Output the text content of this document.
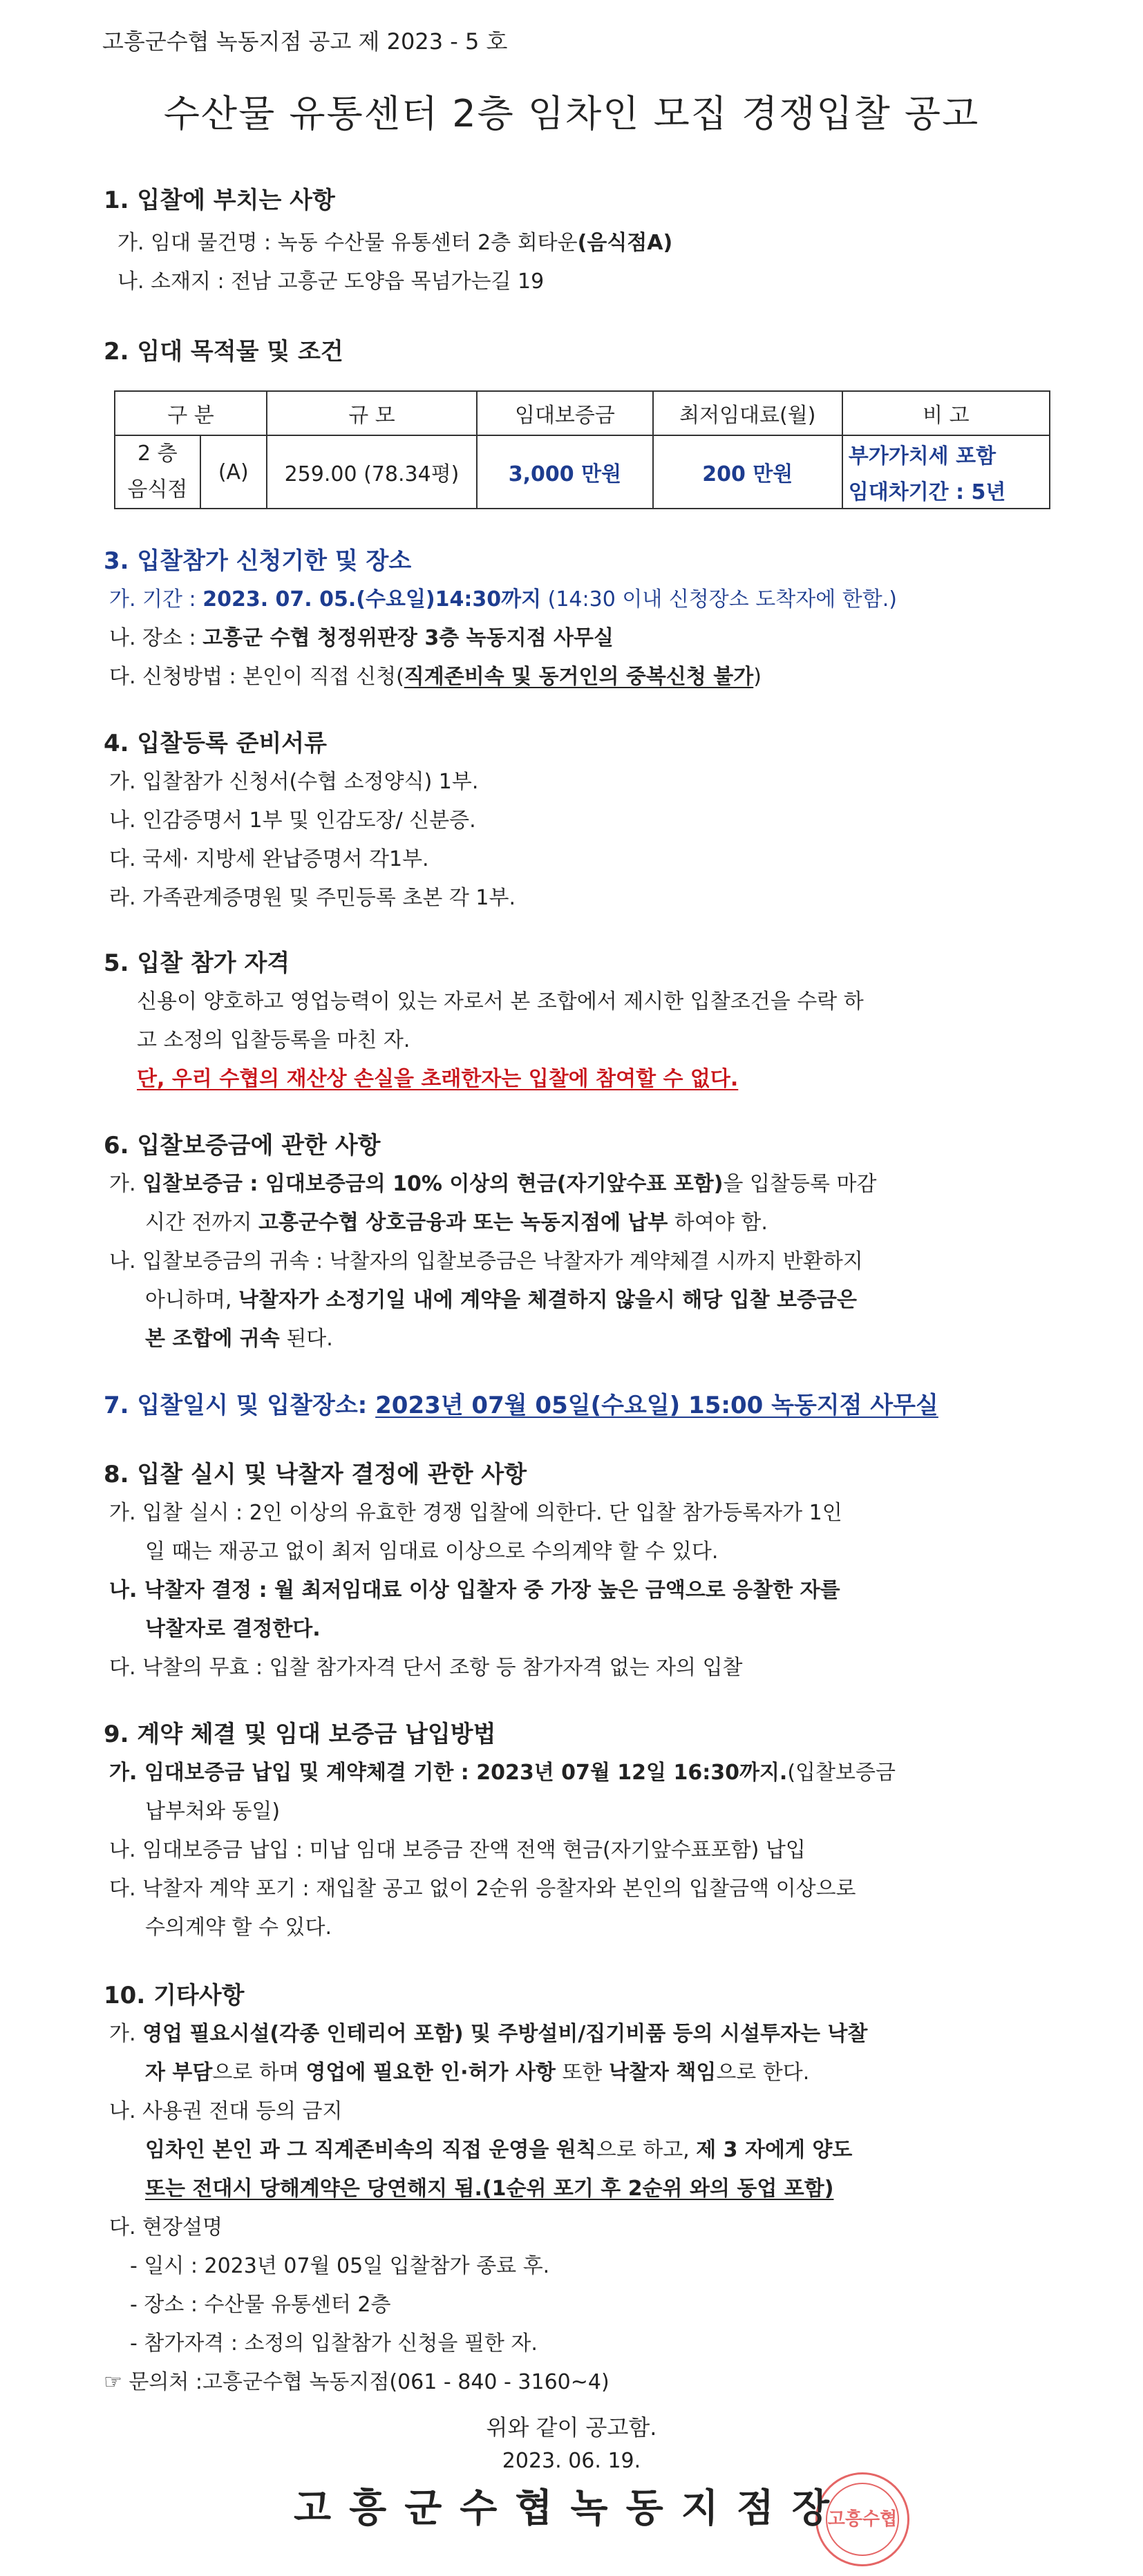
고흥군수협 녹동지점 공고 제 2023 - 5 호
수산물 유통센터 2층 임차인 모집 경쟁입찰 공고
1. 입찰에 부치는 사항
가. 임대 물건명 : 녹동 수산물 유통센터 2층 회타운(음식점A)
나. 소재지 : 전남 고흥군 도양읍 목넘가는길 19
2. 임대 목적물 및 조건
구 분		규 모	임대보증금	최저임대료(월)	비 고

2 층
음식점	(A)	259.00 (78.34평)	3,000 만원	200 만원	부가가치세 포함
					임대차기간 : 5년
3. 입찰참가 신청기한 및 장소
가. 기간 : 2023. 07. 05.(수요일)14:30까지 (14:30 이내 신청장소 도착자에 한함.)
나. 장소 : 고흥군 수협 청정위판장 3층 녹동지점 사무실
다. 신청방법 : 본인이 직접 신청(직계존비속 및 동거인의 중복신청 불가)
4. 입찰등록 준비서류
가. 입찰참가 신청서(수협 소정양식) 1부.
나. 인감증명서 1부 및 인감도장/ 신분증.
다. 국세· 지방세 완납증명서 각1부.
라. 가족관계증명원 및 주민등록 초본 각 1부.
5. 입찰 참가 자격
신용이 양호하고 영업능력이 있는 자로서 본 조합에서 제시한 입찰조건을 수락 하
고 소정의 입찰등록을 마친 자.
단, 우리 수협의 재산상 손실을 초래한자는 입찰에 참여할 수 없다.
6. 입찰보증금에 관한 사항
가. 입찰보증금 : 임대보증금의 10% 이상의 현금(자기앞수표 포함)을 입찰등록 마감
시간 전까지 고흥군수협 상호금융과 또는 녹동지점에 납부 하여야 함.
나. 입찰보증금의 귀속 : 낙찰자의 입찰보증금은 낙찰자가 계약체결 시까지 반환하지
아니하며, 낙찰자가 소정기일 내에 계약을 체결하지 않을시 해당 입찰 보증금은
본 조합에 귀속 된다.
7. 입찰일시 및 입찰장소: 2023년 07월 05일(수요일) 15:00 녹동지점 사무실
8. 입찰 실시 및 낙찰자 결정에 관한 사항
가. 입찰 실시 : 2인 이상의 유효한 경쟁 입찰에 의한다. 단 입찰 참가등록자가 1인
일 때는 재공고 없이 최저 임대료 이상으로 수의계약 할 수 있다.
나. 낙찰자 결정 : 월 최저임대료 이상 입찰자 중 가장 높은 금액으로 응찰한 자를
낙찰자로 결정한다.
다. 낙찰의 무효 : 입찰 참가자격 단서 조항 등 참가자격 없는 자의 입찰
9. 계약 체결 및 임대 보증금 납입방법
가. 임대보증금 납입 및 계약체결 기한 : 2023년 07월 12일 16:30까지.(입찰보증금
납부처와 동일)
나. 임대보증금 납입 : 미납 임대 보증금 잔액 전액 현금(자기앞수표포함) 납입
다. 낙찰자 계약 포기 : 재입찰 공고 없이 2순위 응찰자와 본인의 입찰금액 이상으로
수의계약 할 수 있다.
10. 기타사항
가. 영업 필요시설(각종 인테리어 포함) 및 주방설비/집기비품 등의 시설투자는 낙찰
자 부담으로 하며 영업에 필요한 인·허가 사항 또한 낙찰자 책임으로 한다.
나. 사용권 전대 등의 금지
임차인 본인 과 그 직계존비속의 직접 운영을 원칙으로 하고, 제 3 자에게 양도
또는 전대시 당해계약은 당연해지 됨.(1순위 포기 후 2순위 와의 동업 포함)
다. 현장설명
- 일시 : 2023년 07월 05일 입찰참가 종료 후.
- 장소 : 수산물 유통센터 2층
- 참가자격 : 소정의 입찰참가 신청을 필한 자.
☞ 문의처 :고흥군수협 녹동지점(061 - 840 - 3160~4)
위와 같이 공고함.
2023. 06. 19.
고흥수협
고흥군수협녹동지점장
